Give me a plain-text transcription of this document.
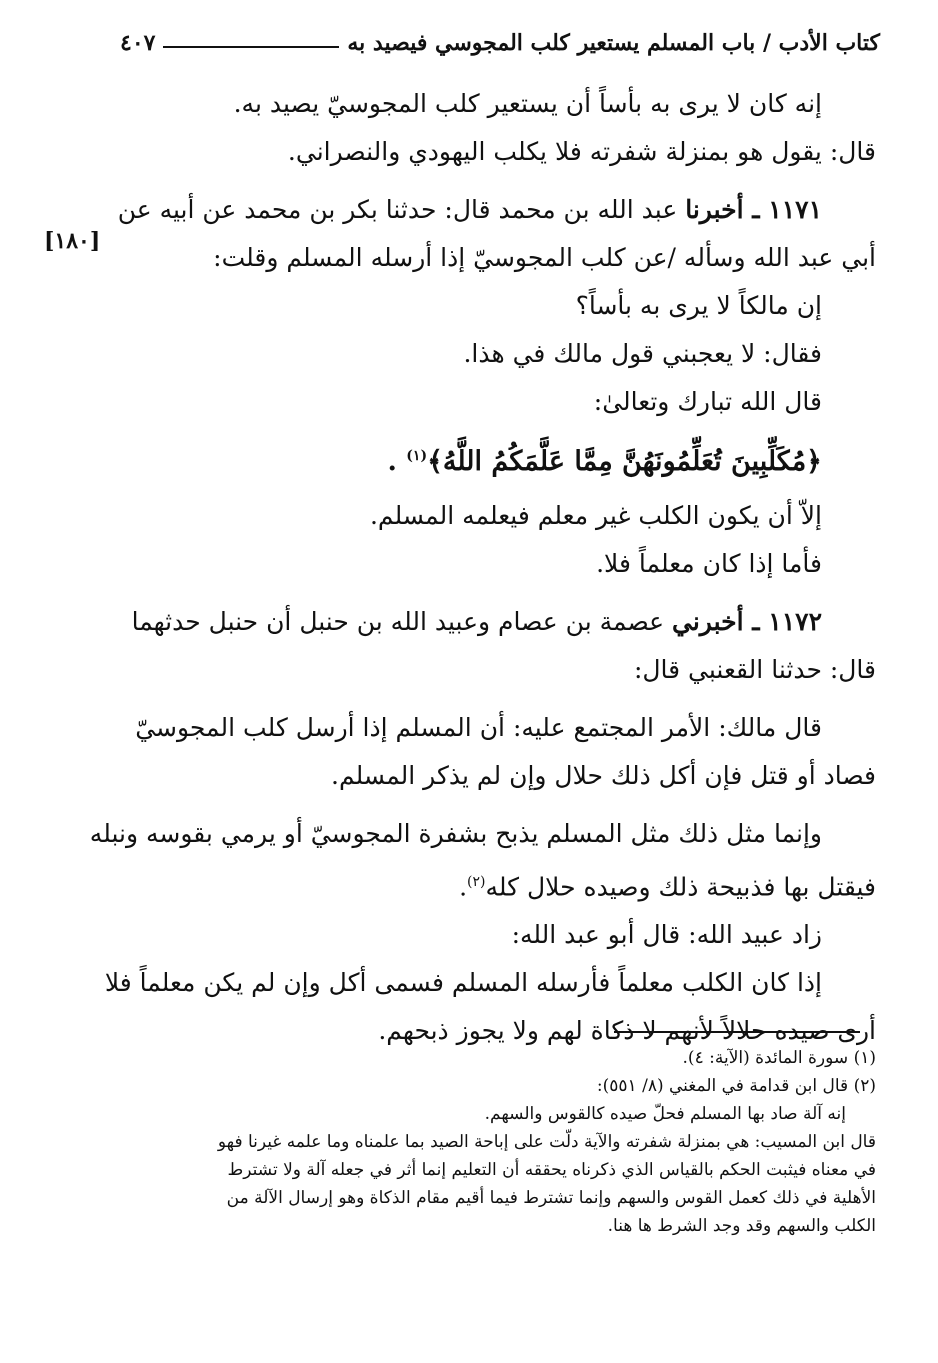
كتاب الأدب / باب المسلم يستعير كلب المجوسي فيصيد به
٤٠٧
[١٨٠]
إنه كان لا يرى به بأساً أن يستعير كلب المجوسيّ يصيد به.
قال: يقول هو بمنزلة شفرته فلا يكلب اليهودي والنصراني.
١١٧١ ـ أخبرنا عبد الله بن محمد قال: حدثنا بكر بن محمد عن أبيه عن
أبي عبد الله وسأله /عن كلب المجوسيّ إذا أرسله المسلم وقلت:
إن مالكاً لا يرى به بأساً؟
فقال: لا يعجبني قول مالك في هذا.
قال الله تبارك وتعالىٰ:
﴿مُكَلِّبِينَ تُعَلِّمُونَهُنَّ مِمَّا عَلَّمَكُمُ اللَّهُ﴾$^{(١)}$ .
إلاّ أن يكون الكلب غير معلم فيعلمه المسلم.
فأما إذا كان معلماً فلا.
١١٧٢ ـ أخبرني عصمة بن عصام وعبيد الله بن حنبل أن حنبل حدثهما
قال: حدثنا القعنبي قال:
قال مالك: الأمر المجتمع عليه: أن المسلم إذا أرسل كلب المجوسيّ
فصاد أو قتل فإن أكل ذلك حلال وإن لم يذكر المسلم.
وإنما مثل ذلك مثل المسلم يذبح بشفرة المجوسيّ أو يرمي بقوسه ونبله
فيقتل بها فذبيحة ذلك وصيده حلال كله$^{(٢)}$.
زاد عبيد الله: قال أبو عبد الله:
إذا كان الكلب معلماً فأرسله المسلم فسمى أكل وإن لم يكن معلماً فلا
أرى صيده حلالاً لأنهم لا ذكاة لهم ولا يجوز ذبحهم.
(١) سورة المائدة (الآية: ٤).
(٢) قال ابن قدامة في المغني (٨/ ٥٥١):
إنه آلة صاد بها المسلم فحلّ صيده كالقوس والسهم.
قال ابن المسيب: هي بمنزلة شفرته والآية دلّت على إباحة الصيد بما علمناه وما علمه غيرنا فهو
في معناه فيثبت الحكم بالقياس الذي ذكرناه يحققه أن التعليم إنما أثر في جعله آلة ولا تشترط
الأهلية في ذلك كعمل القوس والسهم وإنما تشترط فيما أقيم مقام الذكاة وهو إرسال الآلة من
الكلب والسهم وقد وجد الشرط ها هنا.
